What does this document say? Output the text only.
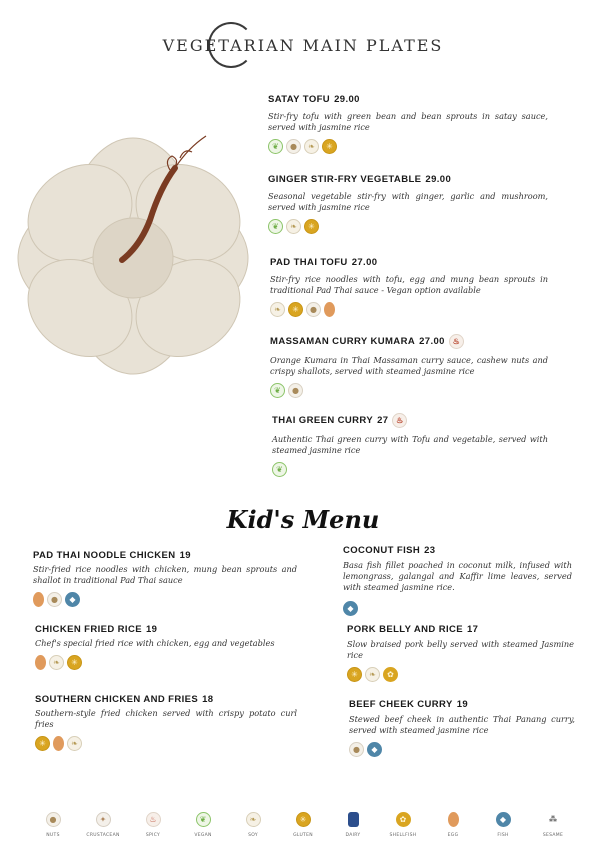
VEGETARIAN MAIN PLATES
SATAY TOFU 29.00
Stir-fry tofu with green bean and bean sprouts in satay sauce, served with jasmine rice
❦	●	❧	✳
GINGER STIR-FRY VEGETABLE 29.00
Seasonal vegetable stir-fry with ginger, garlic and mushroom, served with jasmine rice
❦	❧	✳
PAD THAI TOFU 27.00
Stir-fry rice noodles with tofu, egg and mung bean sprouts in traditional Pad Thai sauce - Vegan option available
❧	✳	●
MASSAMAN CURRY KUMARA 27.00 ♨
Orange Kumara in Thai Massaman curry sauce, cashew nuts and crispy shallots, served with steamed jasmine rice
❦	●
THAI GREEN CURRY 27 ♨
Authentic Thai green curry with Tofu and vegetable, served with steamed jasmine rice
❦
Kid's Menu
PAD THAI NOODLE CHICKEN 19
Stir-fried rice noodles with chicken, mung bean sprouts and shallot in traditional Pad Thai sauce
●	◆
CHICKEN FRIED RICE 19
Chef's special fried rice with chicken, egg and vegetables
❧	✳
SOUTHERN CHICKEN AND FRIES 18
Southern-style fried chicken served with crispy potato curl fries
✳	❧
COCONUT FISH 23
Basa fish fillet poached in coconut milk, infused with lemongrass, galangal and Kaffir lime leaves, served with steamed jasmine rice.
◆
PORK BELLY AND RICE 17
Slow braised pork belly served with steamed Jasmine rice
✳	❧	✿
BEEF CHEEK CURRY 19
Stewed beef cheek in authentic Thai Panang curry, served with steamed jasmine rice
●	◆
●
NUTS
✦
CRUSTACEAN
♨
SPICY
❦
VEGAN
❧
SOY
✳
GLUTEN	DAIRY
✿
SHELLFISH	EGG
◆
FISH
⁂
SESAME
